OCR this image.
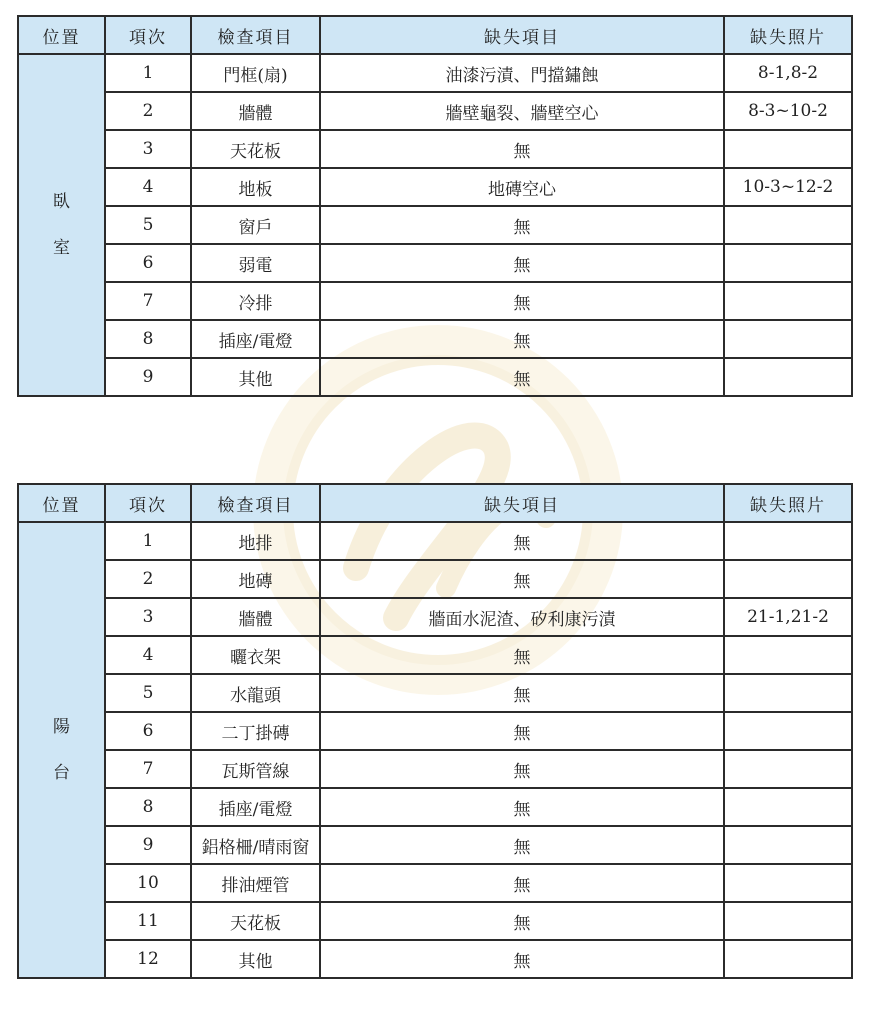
位置	項次	檢查項目	缺失項目	缺失照片

臥
室	1	門框(扇)	油漆污漬、門擋鏽蝕	8-1,8-2
	2	牆體	牆壁龜裂、牆壁空心	8-3~10-2
	3	天花板	無	
	4	地板	地磚空心	10-3~12-2
	5	窗戶	無	
	6	弱電	無	
	7	冷排	無	
	8	插座/電燈	無	
	9	其他	無	
位置	項次	檢查項目	缺失項目	缺失照片

陽
台	1	地排	無	
	2	地磚	無	
	3	牆體	牆面水泥渣、矽利康污漬	21-1,21-2
	4	曬衣架	無	
	5	水龍頭	無	
	6	二丁掛磚	無	
	7	瓦斯管線	無	
	8	插座/電燈	無	
	9	鋁格柵/晴雨窗	無	
	10	排油煙管	無	
	11	天花板	無	
	12	其他	無	
